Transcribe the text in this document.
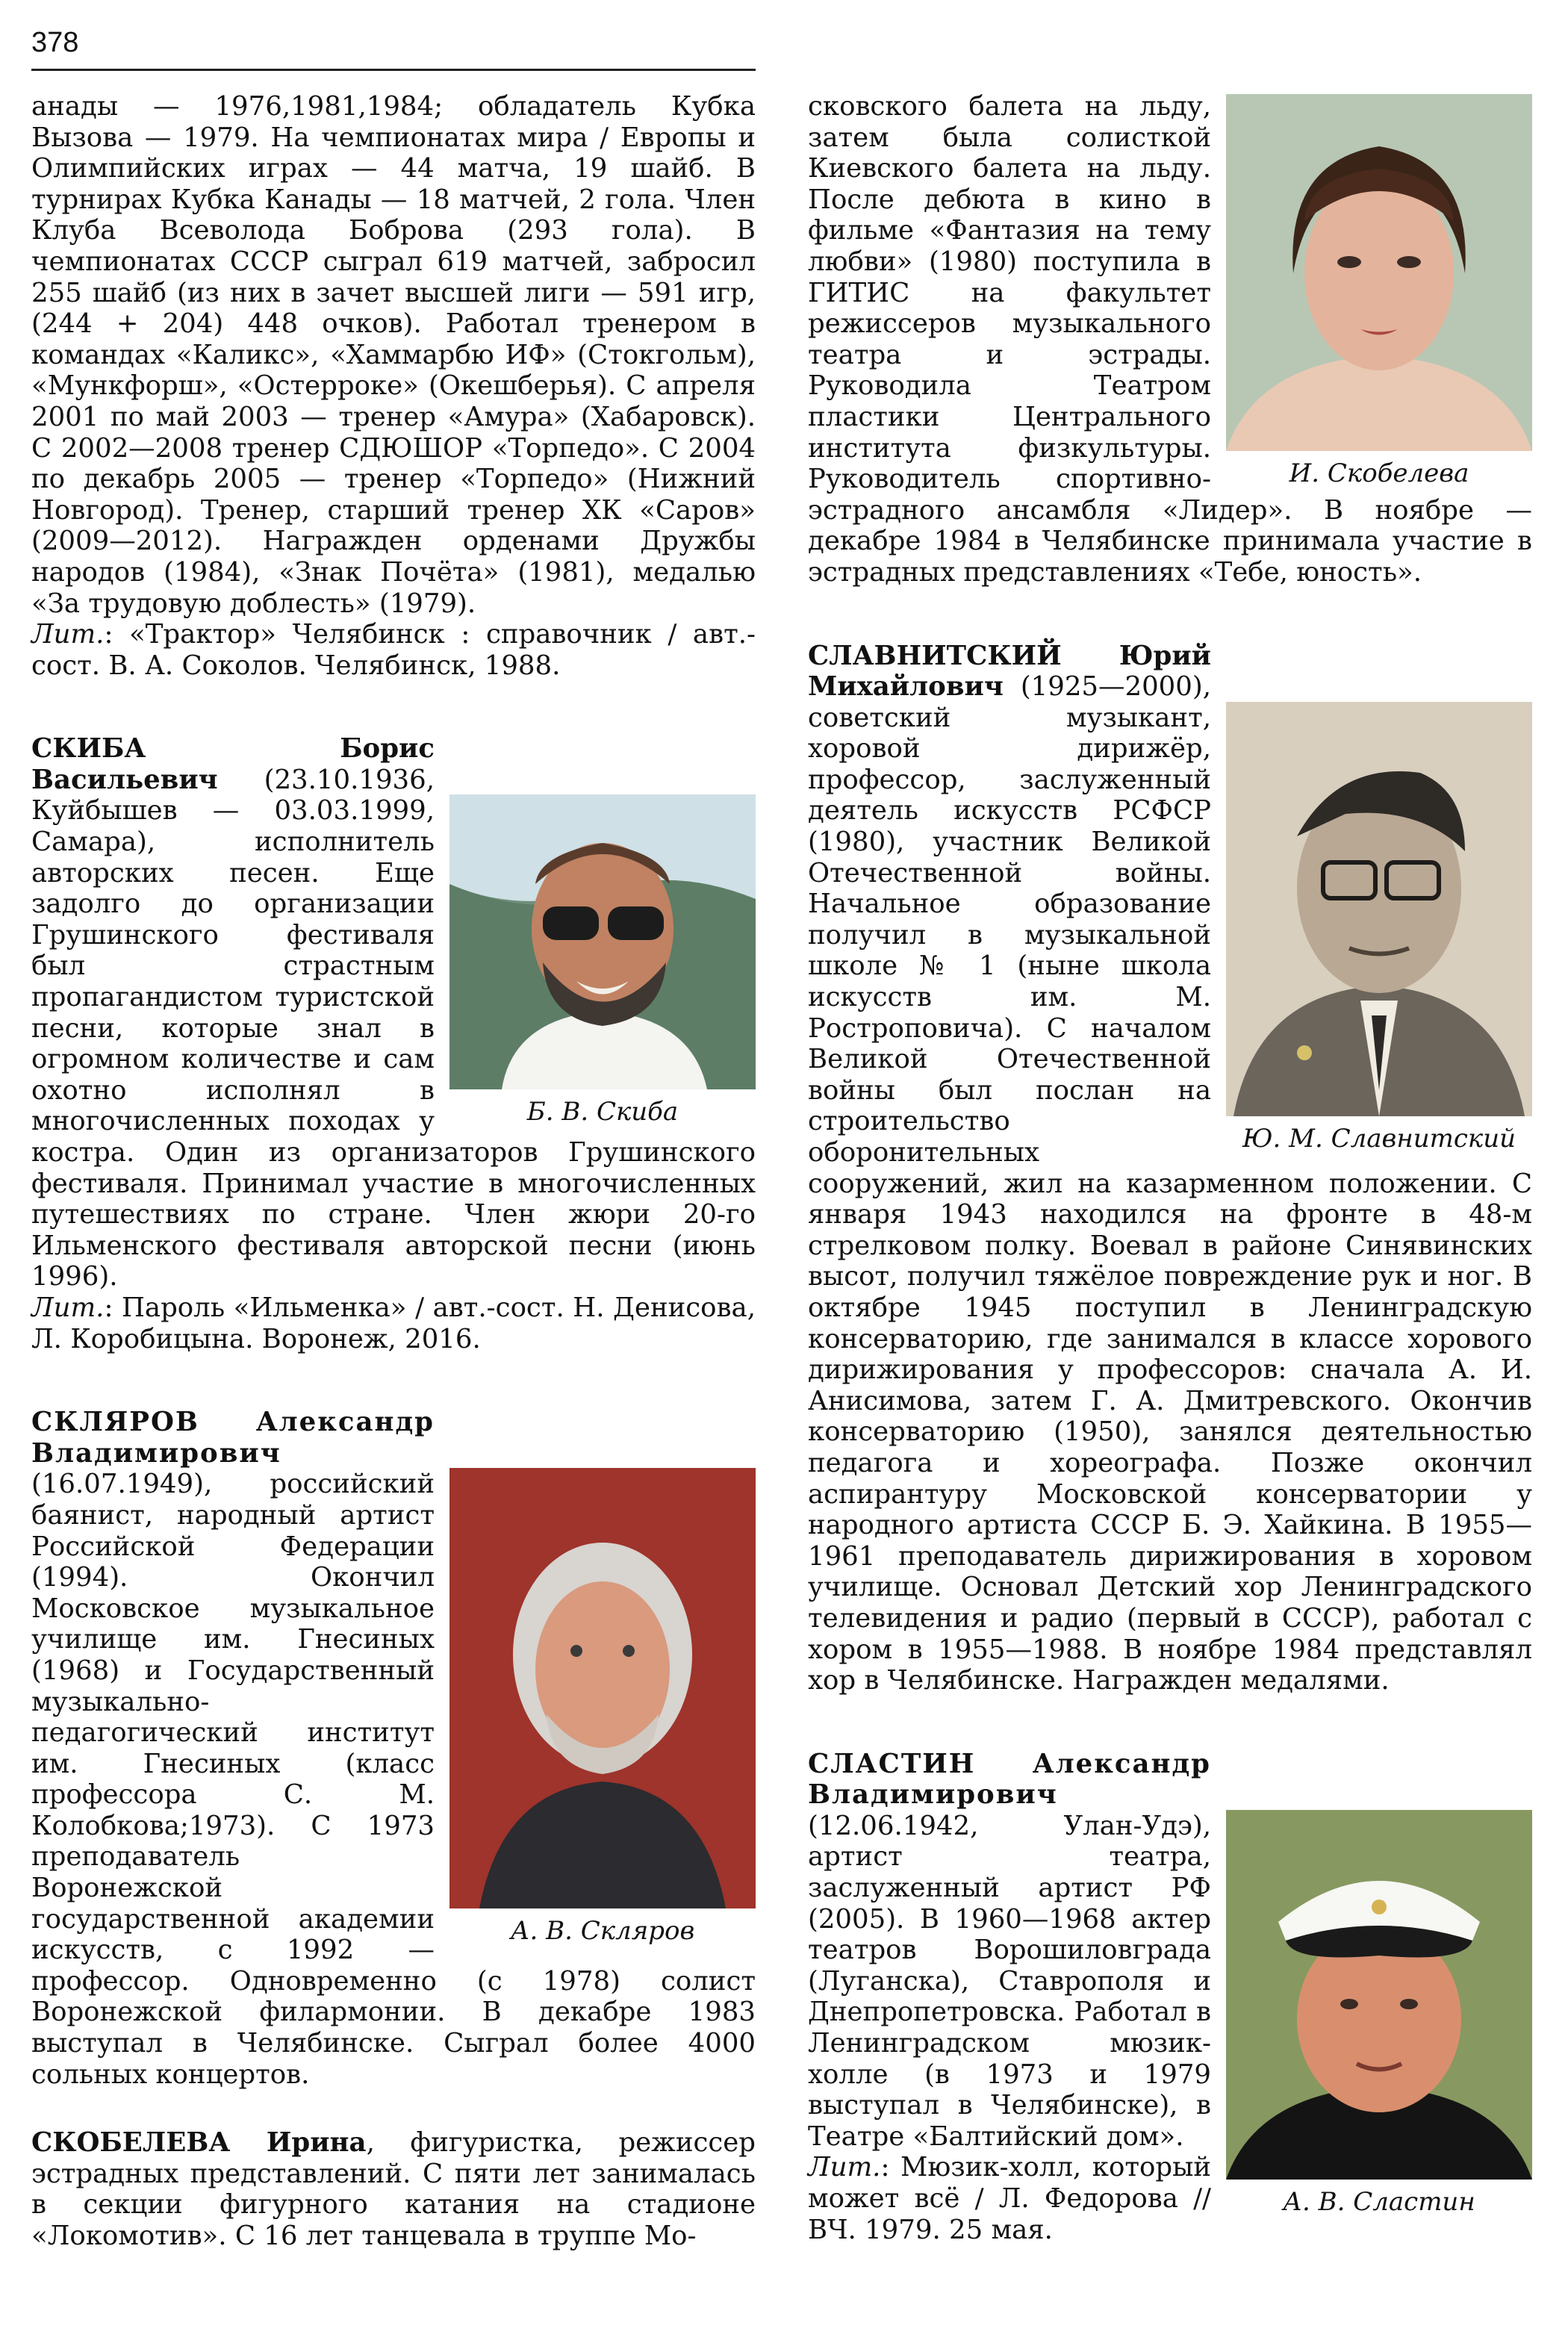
378

анады — 1976,1981,1984; обладатель Кубка Вызова — 1979. На чемпионатах мира / Европы и Олимпийских играх — 44 матча, 19 шайб. В турнирах Кубка Канады — 18 матчей, 2 гола. Член Клуба Всеволода Боброва (293 гола). В чемпионатах СССР сыграл 619 матчей, забросил 255 шайб (из них в зачет высшей лиги — 591 игр, (244 + 204) 448 очков). Работал тренером в командах «Каликс», «Хаммарбю ИФ» (Стокгольм), «Мункфорш», «Остерроке» (Окешберья). С апреля 2001 по май 2003 — тренер «Амура» (Хабаровск). С 2002—2008 тренер СДЮШОР «Торпедо». С 2004 по декабрь 2005 — тренер «Торпедо» (Нижний Новгород). Тренер, старший тренер ХК «Саров» (2009—2012). Награжден орденами Дружбы народов (1984), «Знак Почёта» (1981), медалью «За трудовую доблесть» (1979).

Лит.: «Трактор» Челябинск : справочник / авт.-сост. В. А. Соколов. Челябинск, 1988.

Б. В. Скиба
СКИБА Борис Васильевич (23.10.1936, Куйбышев — 03.03.1999, Самара), исполнитель авторских песен. Еще задолго до организации Грушинского фестиваля был страстным пропагандистом туристской песни, которые знал в огромном количестве и сам охотно исполнял в многочисленных походах у костра. Один из организаторов Грушинского фестиваля. Принимал участие в многочисленных путешествиях по стране. Член жюри 20-го Ильменского фестиваля авторской песни (июнь 1996).

Лит.: Пароль «Ильменка» / авт.-сост. Н. Денисова, Л. Коробицына. Воронеж, 2016.

А. В. Скляров
СКЛЯРОВ Александр Владимирович (16.07.1949), российский баянист, народный артист Российской Федерации (1994). Окончил Московское музыкальное училище им. Гнесиных (1968) и Государственный музыкально-педагогический институт им. Гнесиных (класс профессора С. М. Колобкова;1973). С 1973 преподаватель Воронежской государственной академии искусств, с 1992 — профессор. Одновременно (с 1978) солист Воронежской филармонии. В декабре 1983 выступал в Челябинске. Сыграл более 4000 сольных концертов.

СКОБЕЛЕВА Ирина, фигуристка, режиссер эстрадных представлений. С пяти лет занималась в секции фигурного катания на стадионе «Локомотив». С 16 лет танцевала в труппе Мо-

И. Скобелева
сковского балета на льду, затем была солисткой Киевского балета на льду. После дебюта в кино в фильме «Фантазия на тему любви» (1980) поступила в ГИТИС на факультет режиссеров музыкального театра и эстрады. Руководила Театром пластики Центрального института физкультуры. Руководитель спортивно-эстрадного ансамбля «Лидер». В ноябре — декабре 1984 в Челябинске принимала участие в эстрадных представлениях «Тебе, юность».

Ю. М. Славнитский
СЛАВНИТСКИЙ Юрий Михайлович (1925—2000), советский музыкант, хоровой дирижёр, профессор, заслуженный деятель искусств РСФСР (1980), участник Великой Отечественной войны. Начальное образование получил в музыкальной школе № 1 (ныне школа искусств им. М. Ростроповича). С началом Великой Отечественной войны был послан на строительство оборонительных сооружений, жил на казарменном положении. С января 1943 находился на фронте в 48-м стрелковом полку. Воевал в районе Синявинских высот, получил тяжёлое повреждение рук и ног. В октябре 1945 поступил в Ленинградскую консерваторию, где занимался в классе хорового дирижирования у профессоров: сначала А. И. Анисимова, затем Г. А. Дмитревского. Окончив консерваторию (1950), занялся деятельностью педагога и хореографа. Позже окончил аспирантуру Московской консерватории у народного артиста СССР Б. Э. Хайкина. В 1955—1961 преподаватель дирижирования в хоровом училище. Основал Детский хор Ленинградского телевидения и радио (первый в СССР), работал с хором в 1955—1988. В ноябре 1984 представлял хор в Челябинске. Награжден медалями.

А. В. Сластин
СЛАСТИН Александр Владимирович (12.06.1942, Улан-Удэ), артист театра, заслуженный артист РФ (2005). В 1960—1968 актер театров Ворошиловграда (Луганска), Ставрополя и Днепропетровска. Работал в Ленинградском мюзик-холле (в 1973 и 1979 выступал в Челябинске), в Театре «Балтийский дом».

Лит.: Мюзик-холл, который может всё / Л. Федорова // ВЧ. 1979. 25 мая.
